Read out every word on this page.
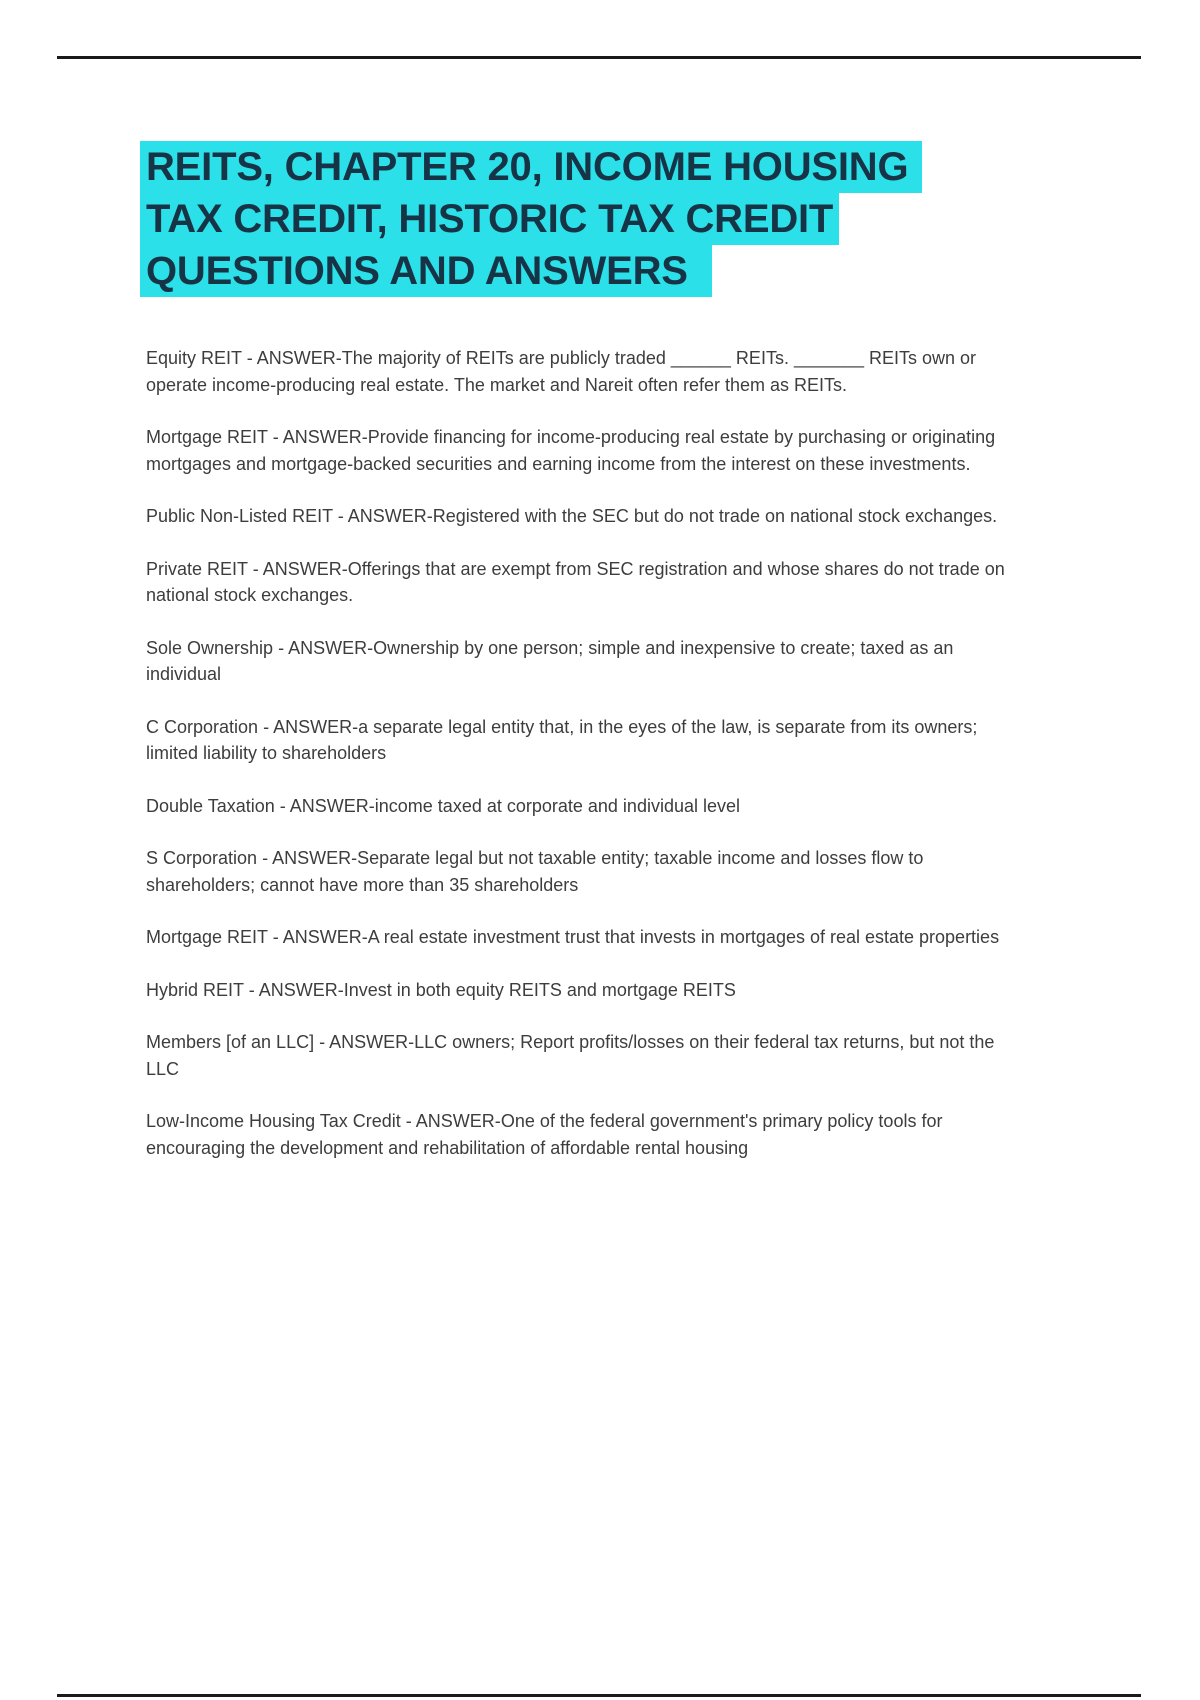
REITS, CHAPTER 20, INCOME HOUSING
TAX CREDIT, HISTORIC TAX CREDIT
QUESTIONS AND ANSWERS

Equity REIT - ANSWER-The majority of REITs are publicly traded ______ REITs. _______ REITs own or operate income-producing real estate. The market and Nareit often refer them as REITs.

Mortgage REIT - ANSWER-Provide financing for income-producing real estate by purchasing or originating mortgages and mortgage-backed securities and earning income from the interest on these investments.

Public Non-Listed REIT - ANSWER-Registered with the SEC but do not trade on national stock exchanges.

Private REIT - ANSWER-Offerings that are exempt from SEC registration and whose shares do not trade on national stock exchanges.

Sole Ownership - ANSWER-Ownership by one person; simple and inexpensive to create; taxed as an individual

C Corporation - ANSWER-a separate legal entity that, in the eyes of the law, is separate from its owners; limited liability to shareholders

Double Taxation - ANSWER-income taxed at corporate and individual level

S Corporation - ANSWER-Separate legal but not taxable entity; taxable income and losses flow to shareholders; cannot have more than 35 shareholders

Mortgage REIT - ANSWER-A real estate investment trust that invests in mortgages of real estate properties

Hybrid REIT - ANSWER-Invest in both equity REITS and mortgage REITS

Members [of an LLC] - ANSWER-LLC owners; Report profits/losses on their federal tax returns, but not the LLC

Low-Income Housing Tax Credit - ANSWER-One of the federal government's primary policy tools for encouraging the development and rehabilitation of affordable rental housing
